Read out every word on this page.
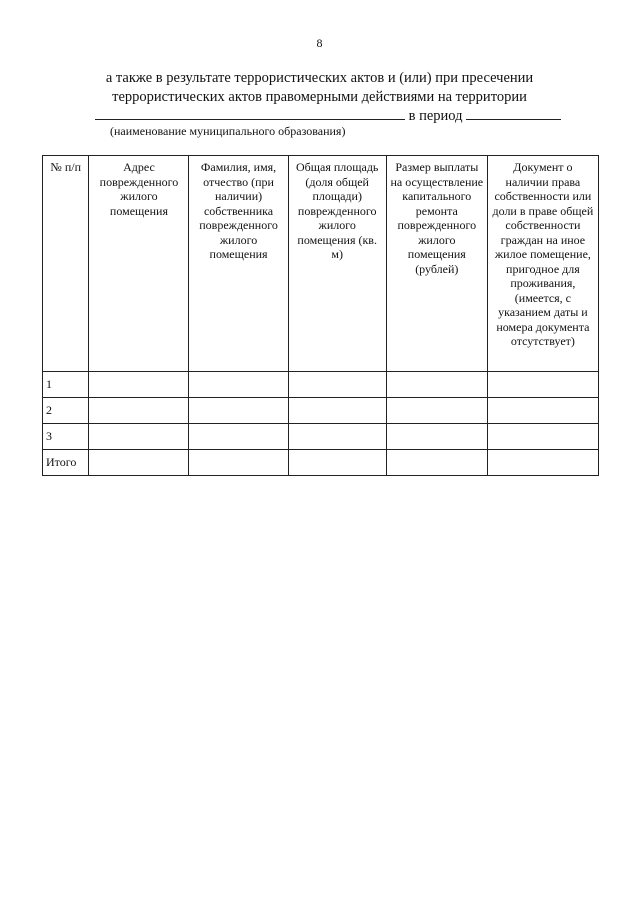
8
а также в результате террористических актов и (или) при пресечении
террористических актов правомерными действиями на территории
в период
(наименование муниципального образования)
№ п/п	Адрес поврежденного жилого помещения	Фамилия, имя, отчество (при наличии) собственника поврежденного жилого помещения	Общая площадь (доля общей площади) поврежденного жилого помещения (кв. м)	Размер выплаты на осуществление капитального ремонта поврежденного жилого помещения (рублей)	Документ о наличии права собственности или доли в праве общей собственности граждан на иное жилое помещение, пригодное для проживания, (имеется, с указанием даты и номера документа отсутствует)
1					
2					
3					
Итого					
